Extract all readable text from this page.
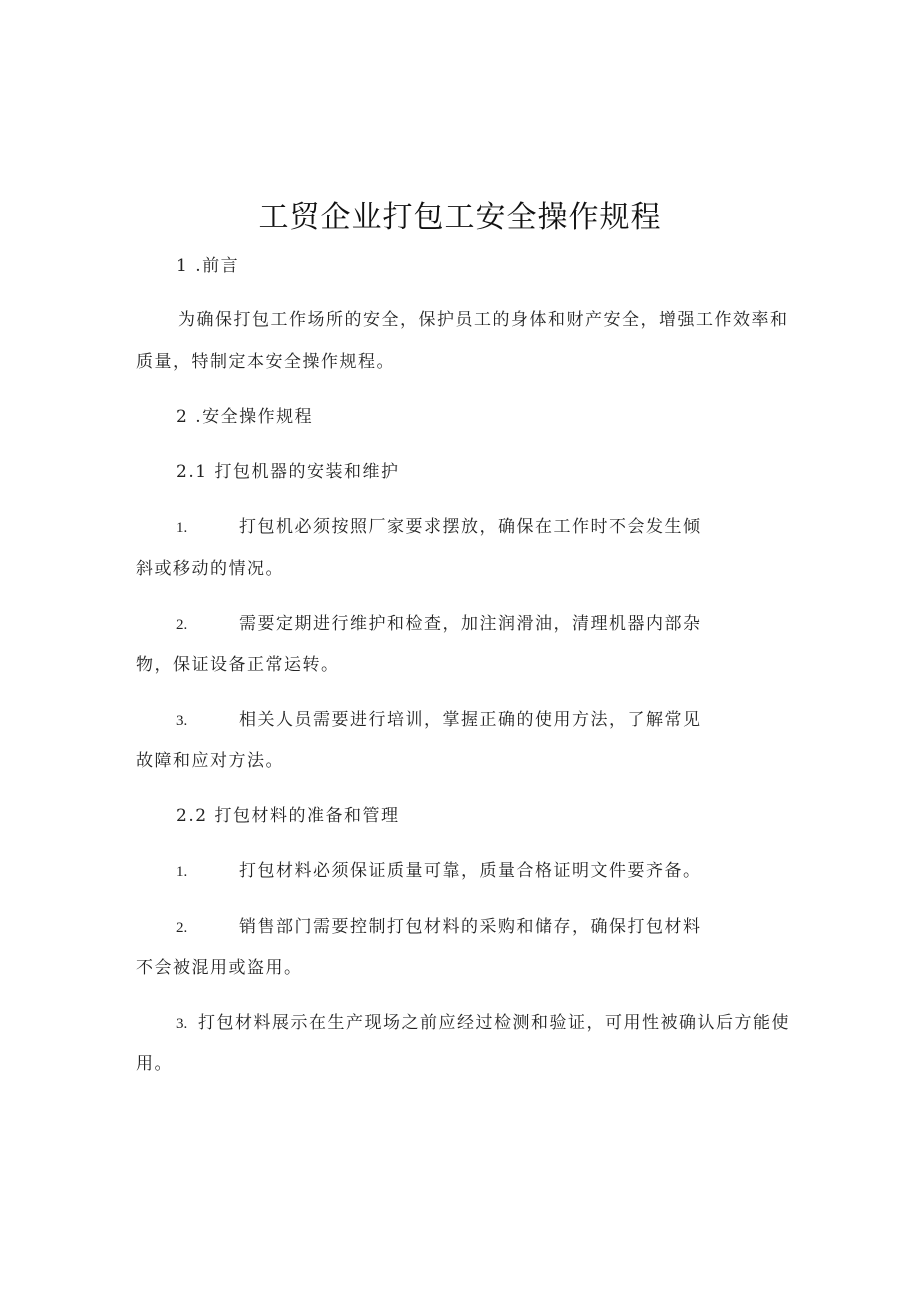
工贸企业打包工安全操作规程
1 .前言
为确保打包工作场所的安全，保护员工的身体和财产安全，增强工作效率和
质量，特制定本安全操作规程。
2 .安全操作规程
2.1 打包机器的安装和维护
1.	打包机必须按照厂家要求摆放，确保在工作时不会发生倾
斜或移动的情况。
2.	需要定期进行维护和检查，加注润滑油，清理机器内部杂
物，保证设备正常运转。
3.	相关人员需要进行培训，掌握正确的使用方法，了解常见
故障和应对方法。
2.2 打包材料的准备和管理
1.	打包材料必须保证质量可靠，质量合格证明文件要齐备。
2.	销售部门需要控制打包材料的采购和储存，确保打包材料
不会被混用或盗用。
3. 打包材料展示在生产现场之前应经过检测和验证，可用性被确认后方能使
用。
